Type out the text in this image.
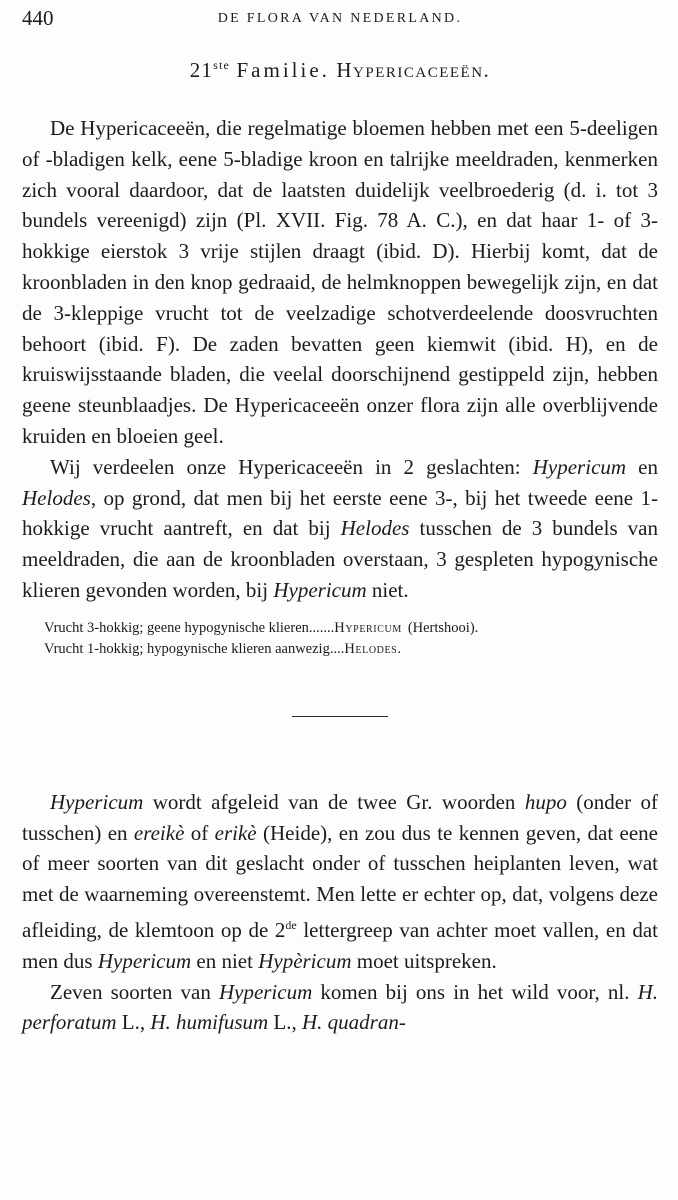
440	DE FLORA VAN NEDERLAND.
21ste Familie. Hypericaceeën.

De Hypericaceeën, die regelmatige bloemen hebben met een 5-deeligen of -bladigen kelk, eene 5-bladige kroon en talrijke meeldraden, kenmerken zich vooral daardoor, dat de laatsten duidelijk veelbroederig (d. i. tot 3 bundels vereenigd) zijn (Pl. XVII. Fig. 78 A. C.), en dat haar 1- of 3-hokkige eierstok 3 vrije stijlen draagt (ibid. D). Hierbij komt, dat de kroonbladen in den knop gedraaid, de helmknoppen bewegelijk zijn, en dat de 3-kleppige vrucht tot de veelzadige schotverdeelende doosvruchten behoort (ibid. F). De zaden bevatten geen kiemwit (ibid. H), en de kruiswijsstaande bladen, die veelal doorschijnend gestippeld zijn, hebben geene steunblaadjes. De Hypericaceeën onzer flora zijn alle overblijvende kruiden en bloeien geel.

Wij verdeelen onze Hypericaceeën in 2 geslachten: Hypericum en Helodes, op grond, dat men bij het eerste eene 3-, bij het tweede eene 1-hokkige vrucht aantreft, en dat bij Helodes tusschen de 3 bundels van meeldraden, die aan de kroonbladen overstaan, 3 gespleten hypogynische klieren gevonden worden, bij Hypericum niet.

Vrucht 3-hokkig; geene hypogynische klieren ....... Hypericum (Hertshooi).
Vrucht 1-hokkig; hypogynische klieren aanwezig .... Helodes.

Hypericum wordt afgeleid van de twee Gr. woorden hupo (onder of tusschen) en ereikè of erikè (Heide), en zou dus te kennen geven, dat eene of meer soorten van dit geslacht onder of tusschen heiplanten leven, wat met de waarneming overeenstemt. Men lette er echter op, dat, volgens deze afleiding, de klemtoon op de 2de lettergreep van achter moet vallen, en dat men dus Hypericum en niet Hypèricum moet uitspreken.

Zeven soorten van Hypericum komen bij ons in het wild voor, nl. H. perforatum L., H. humifusum L., H. quadran-
